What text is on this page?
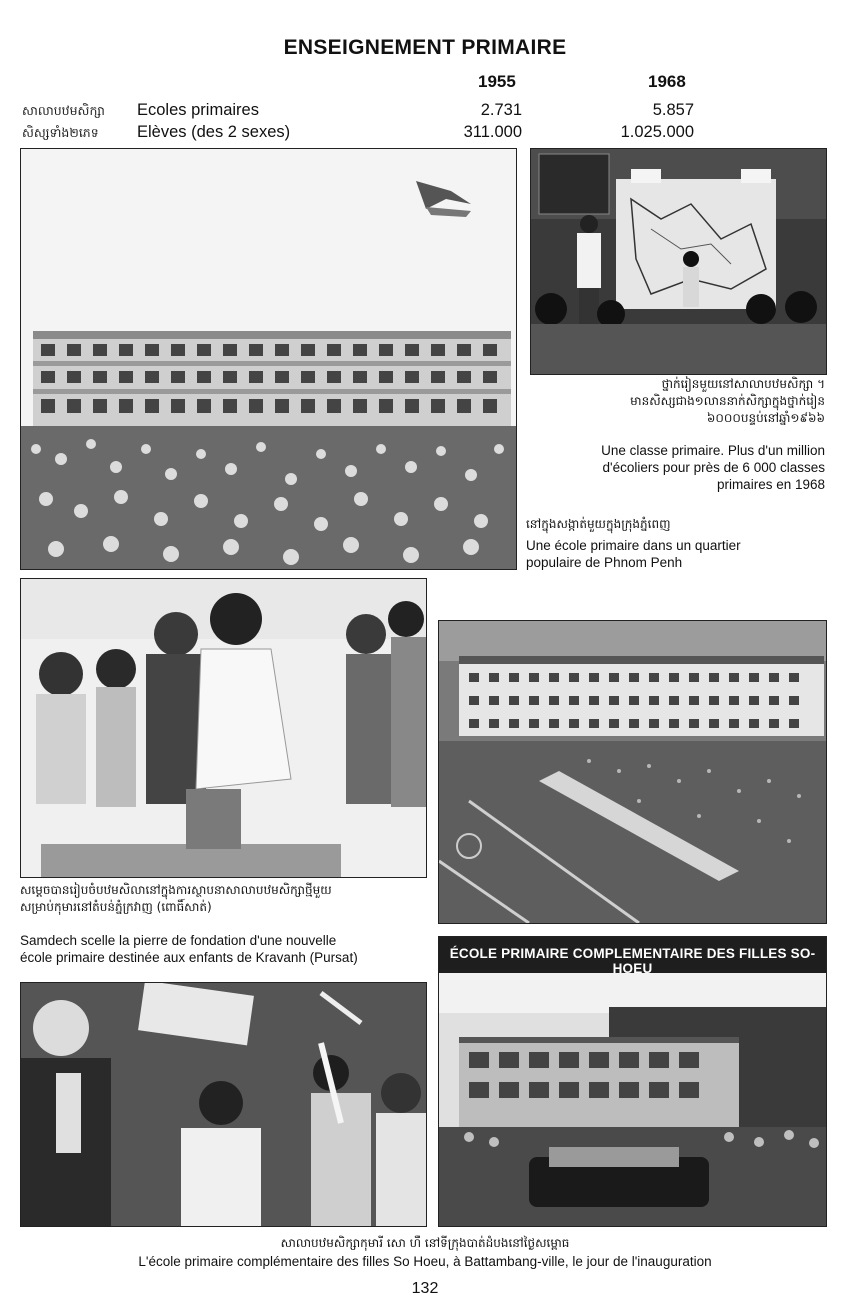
ENSEIGNEMENT PRIMAIRE
1955	1968
សាលាបឋមសិក្សា Ecoles primaires	2.731	5.857
សិស្សទាំង២ភេទ Elèves (des 2 sexes)	311.000	1.025.000
ថ្នាក់រៀនមួយនៅសាលាបឋមសិក្សា ។
មានសិស្សជាង១លាននាក់សិក្សាក្នុងថ្នាក់រៀន
៦០០០បន្ទប់នៅឆ្នាំ១៩៦៦
Une classe primaire. Plus d'un million
d'écoliers pour près de 6 000 classes
primaires en 1968
នៅក្នុងសង្កាត់មួយក្នុងក្រុងភ្នំពេញ
Une école primaire dans un quartier
populaire de Phnom Penh
សម្តេចបានរៀបចំបឋមសិលានៅក្នុងការស្ថាបនាសាលាបឋមសិក្សាថ្មីមួយ
សម្រាប់កុមារនៅតំបន់ភ្នំក្រវាញ (ពោធិ៍សាត់)
Samdech scelle la pierre de fondation d'une nouvelle
école primaire destinée aux enfants de Kravanh (Pursat)	ÉCOLE PRIMAIRE COMPLEMENTAIRE DES FILLES SO-HOEU
សាលាបឋមសិក្សាកុមារី សោ ហឺ នៅទីក្រុងបាត់ដំបងនៅថ្ងៃសម្ពោធ
L'école primaire complémentaire des filles So Hoeu, à Battambang-ville, le jour de l'inauguration
132
